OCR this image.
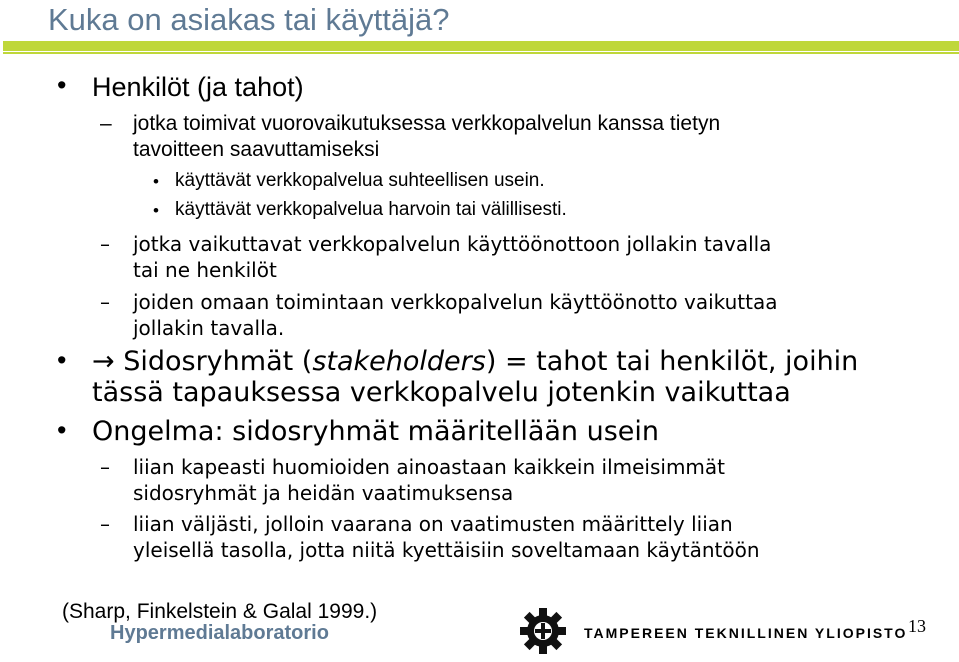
Kuka on asiakas tai käyttäjä?
• Henkilöt (ja tahot)
– jotka toimivat vuorovaikutuksessa verkkopalvelun kanssa tietyn
tavoitteen saavuttamiseksi
• käyttävät verkkopalvelua suhteellisen usein.
• käyttävät verkkopalvelua harvoin tai välillisesti.
– jotka vaikuttavat verkkopalvelun käyttöönottoon jollakin tavalla
tai ne henkilöt
– joiden omaan toimintaan verkkopalvelun käyttöönotto vaikuttaa
jollakin tavalla.
• → Sidosryhmät (stakeholders) = tahot tai henkilöt, joihin
tässä tapauksessa verkkopalvelu jotenkin vaikuttaa
• Ongelma: sidosryhmät määritellään usein
– liian kapeasti huomioiden ainoastaan kaikkein ilmeisimmät
sidosryhmät ja heidän vaatimuksensa
– liian väljästi, jolloin vaarana on vaatimusten määrittely liian
yleisellä tasolla, jotta niitä kyettäisiin soveltamaan käytäntöön
(Sharp, Finkelstein & Galal 1999.)
Hypermedialaboratorio	TAMPEREEN TEKNILLINEN YLIOPISTO 13
